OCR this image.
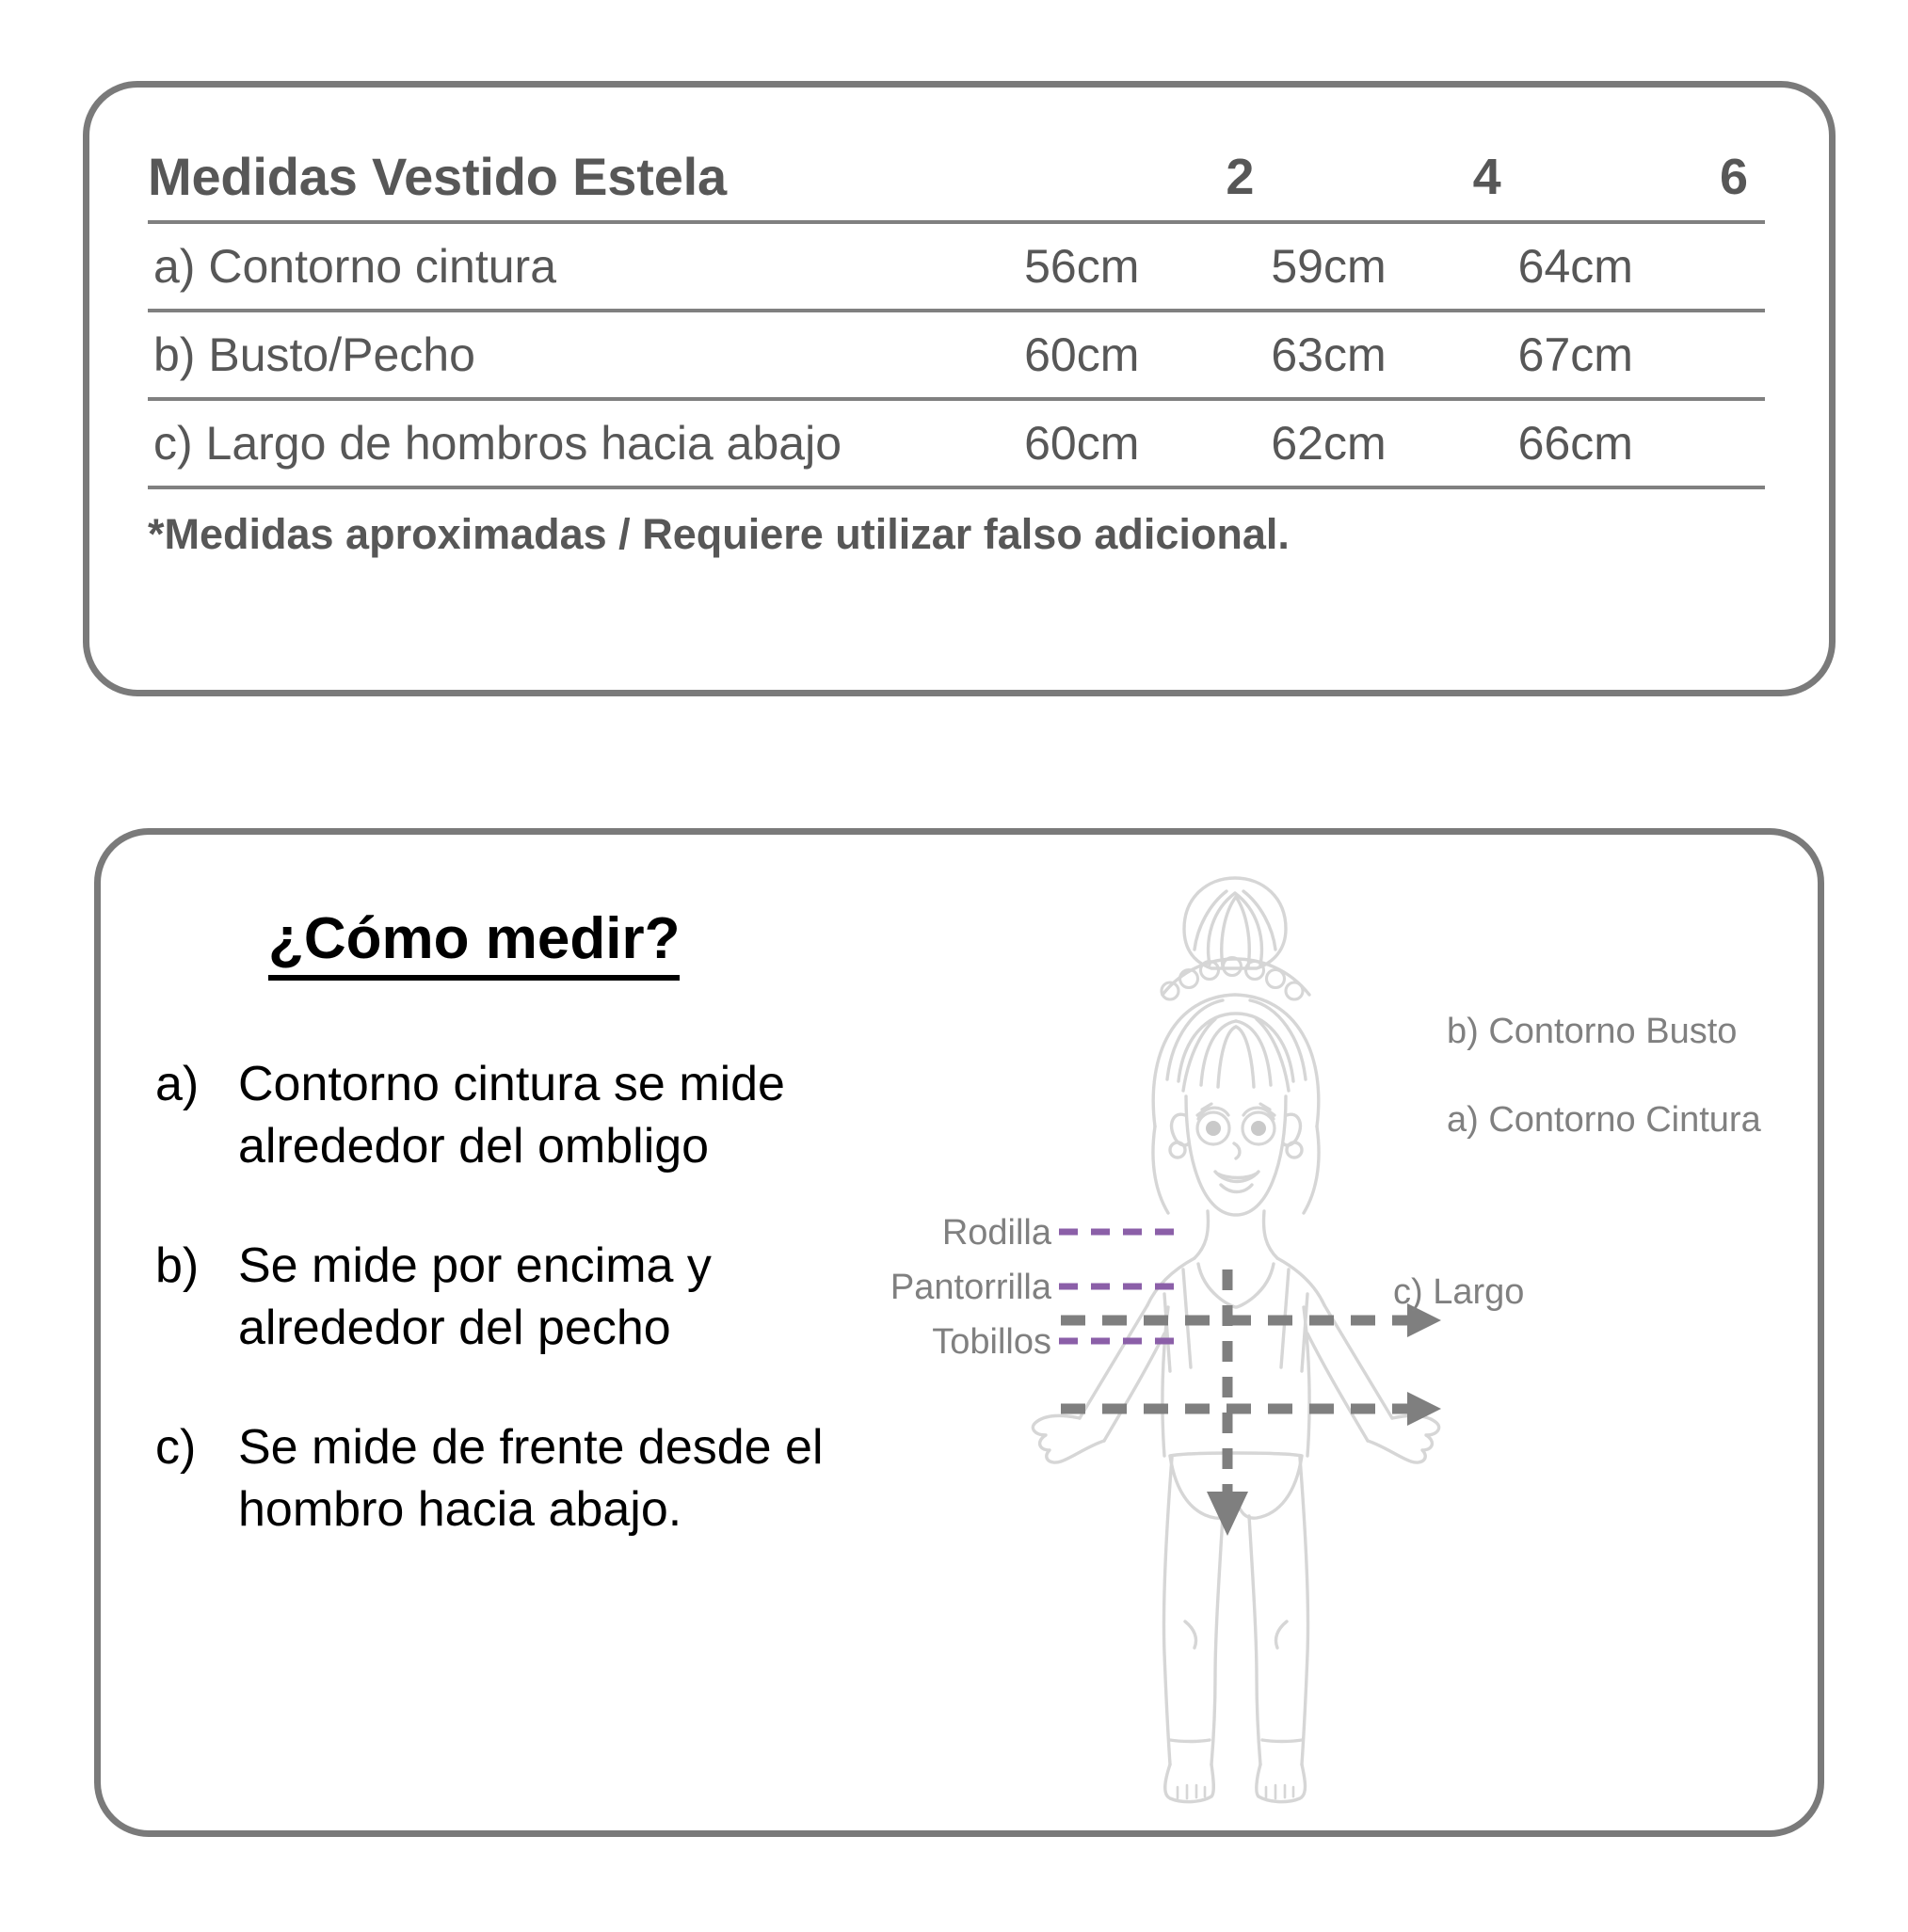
Medidas Vestido Estela	2	4	6
a) Contorno cintura	56cm	59cm	64cm
b) Busto/Pecho	60cm	63cm	67cm
c) Largo de hombros hacia abajo	60cm	62cm	66cm
*Medidas aproximadas / Requiere utilizar falso adicional.			
¿Cómo medir?
a) Contorno cintura se mide alrededor del ombligo
b) Se mide por encima y alrededor del pecho
c) Se mide de frente desde el hombro hacia abajo.
b) Contorno Busto
a) Contorno Cintura
c) Largo
Rodilla
Pantorrilla
Tobillos
